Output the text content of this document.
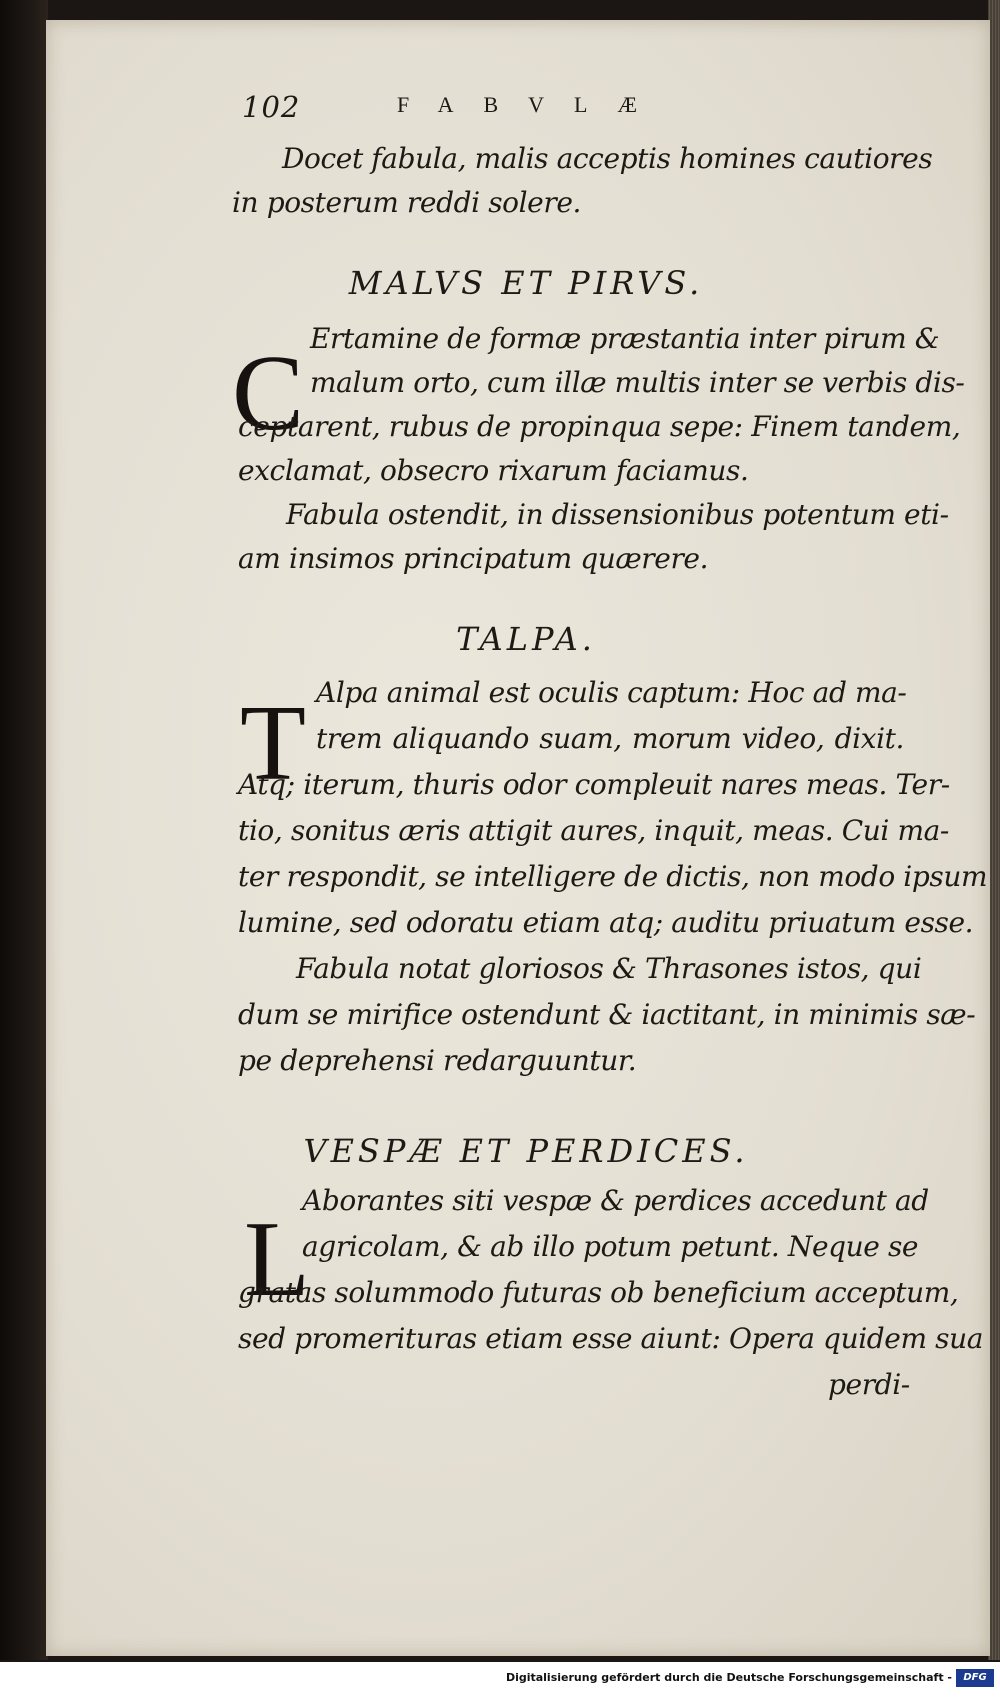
102	FABVLÆ
Docet fabula, malis acceptis homines cautiores
in posterum reddi solere.
MALVS ET PIRVS.
C Ertamine de formæ præstantia inter pirum &
malum orto, cum illæ multis inter se verbis dis-
ceptarent, rubus de propinqua sepe: Finem tandem,
exclamat, obsecro rixarum faciamus.
Fabula ostendit, in dissensionibus potentum eti-
am insimos principatum quærere.
TALPA.
T Alpa animal est oculis captum: Hoc ad ma-
trem aliquando suam, morum video, dixit.
Atq; iterum, thuris odor compleuit nares meas. Ter-
tio, sonitus æris attigit aures, inquit, meas. Cui ma-
ter respondit, se intelligere de dictis, non modo ipsum
lumine, sed odoratu etiam atq; auditu priuatum esse.
Fabula notat gloriosos & Thrasones istos, qui
dum se mirifice ostendunt & iactitant, in minimis sæ-
pe deprehensi redarguuntur.
VESPÆ ET PERDICES.
L
Aborantes siti vespæ & perdices accedunt ad
agricolam, & ab illo potum petunt. Neque se
gratas solummodo futuras ob beneficium acceptum,
sed promerituras etiam esse aiunt: Opera quidem sua
perdi-
Digitalisierung gefördert durch die Deutsche Forschungsgemeinschaft -	DFG
